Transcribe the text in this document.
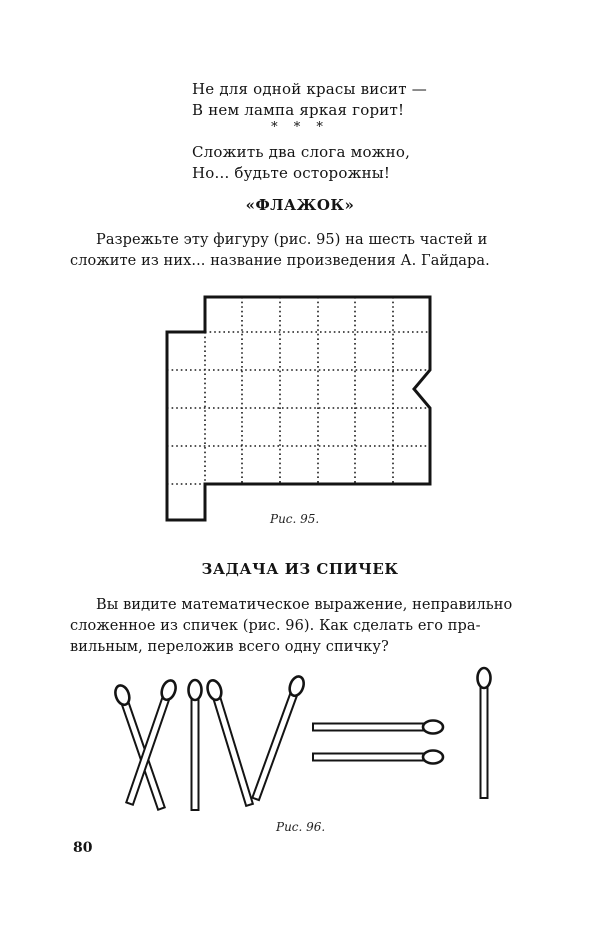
Не для одной красы висит —
В нем лампа яркая горит!
* * *
Сложить два слога можно,
Но... будьте осторожны!
«ФЛАЖОК»
Разрежьте эту фигуру (рис. 95) на шесть частей и
сложите из них... название произведения А. Гайдара.
Рис. 95.
ЗАДАЧА ИЗ СПИЧЕК
Вы видите математическое выражение, неправильно
сложенное из спичек (рис. 96). Как сделать его пра-
вильным, переложив всего одну спичку?
Рис. 96.
80
